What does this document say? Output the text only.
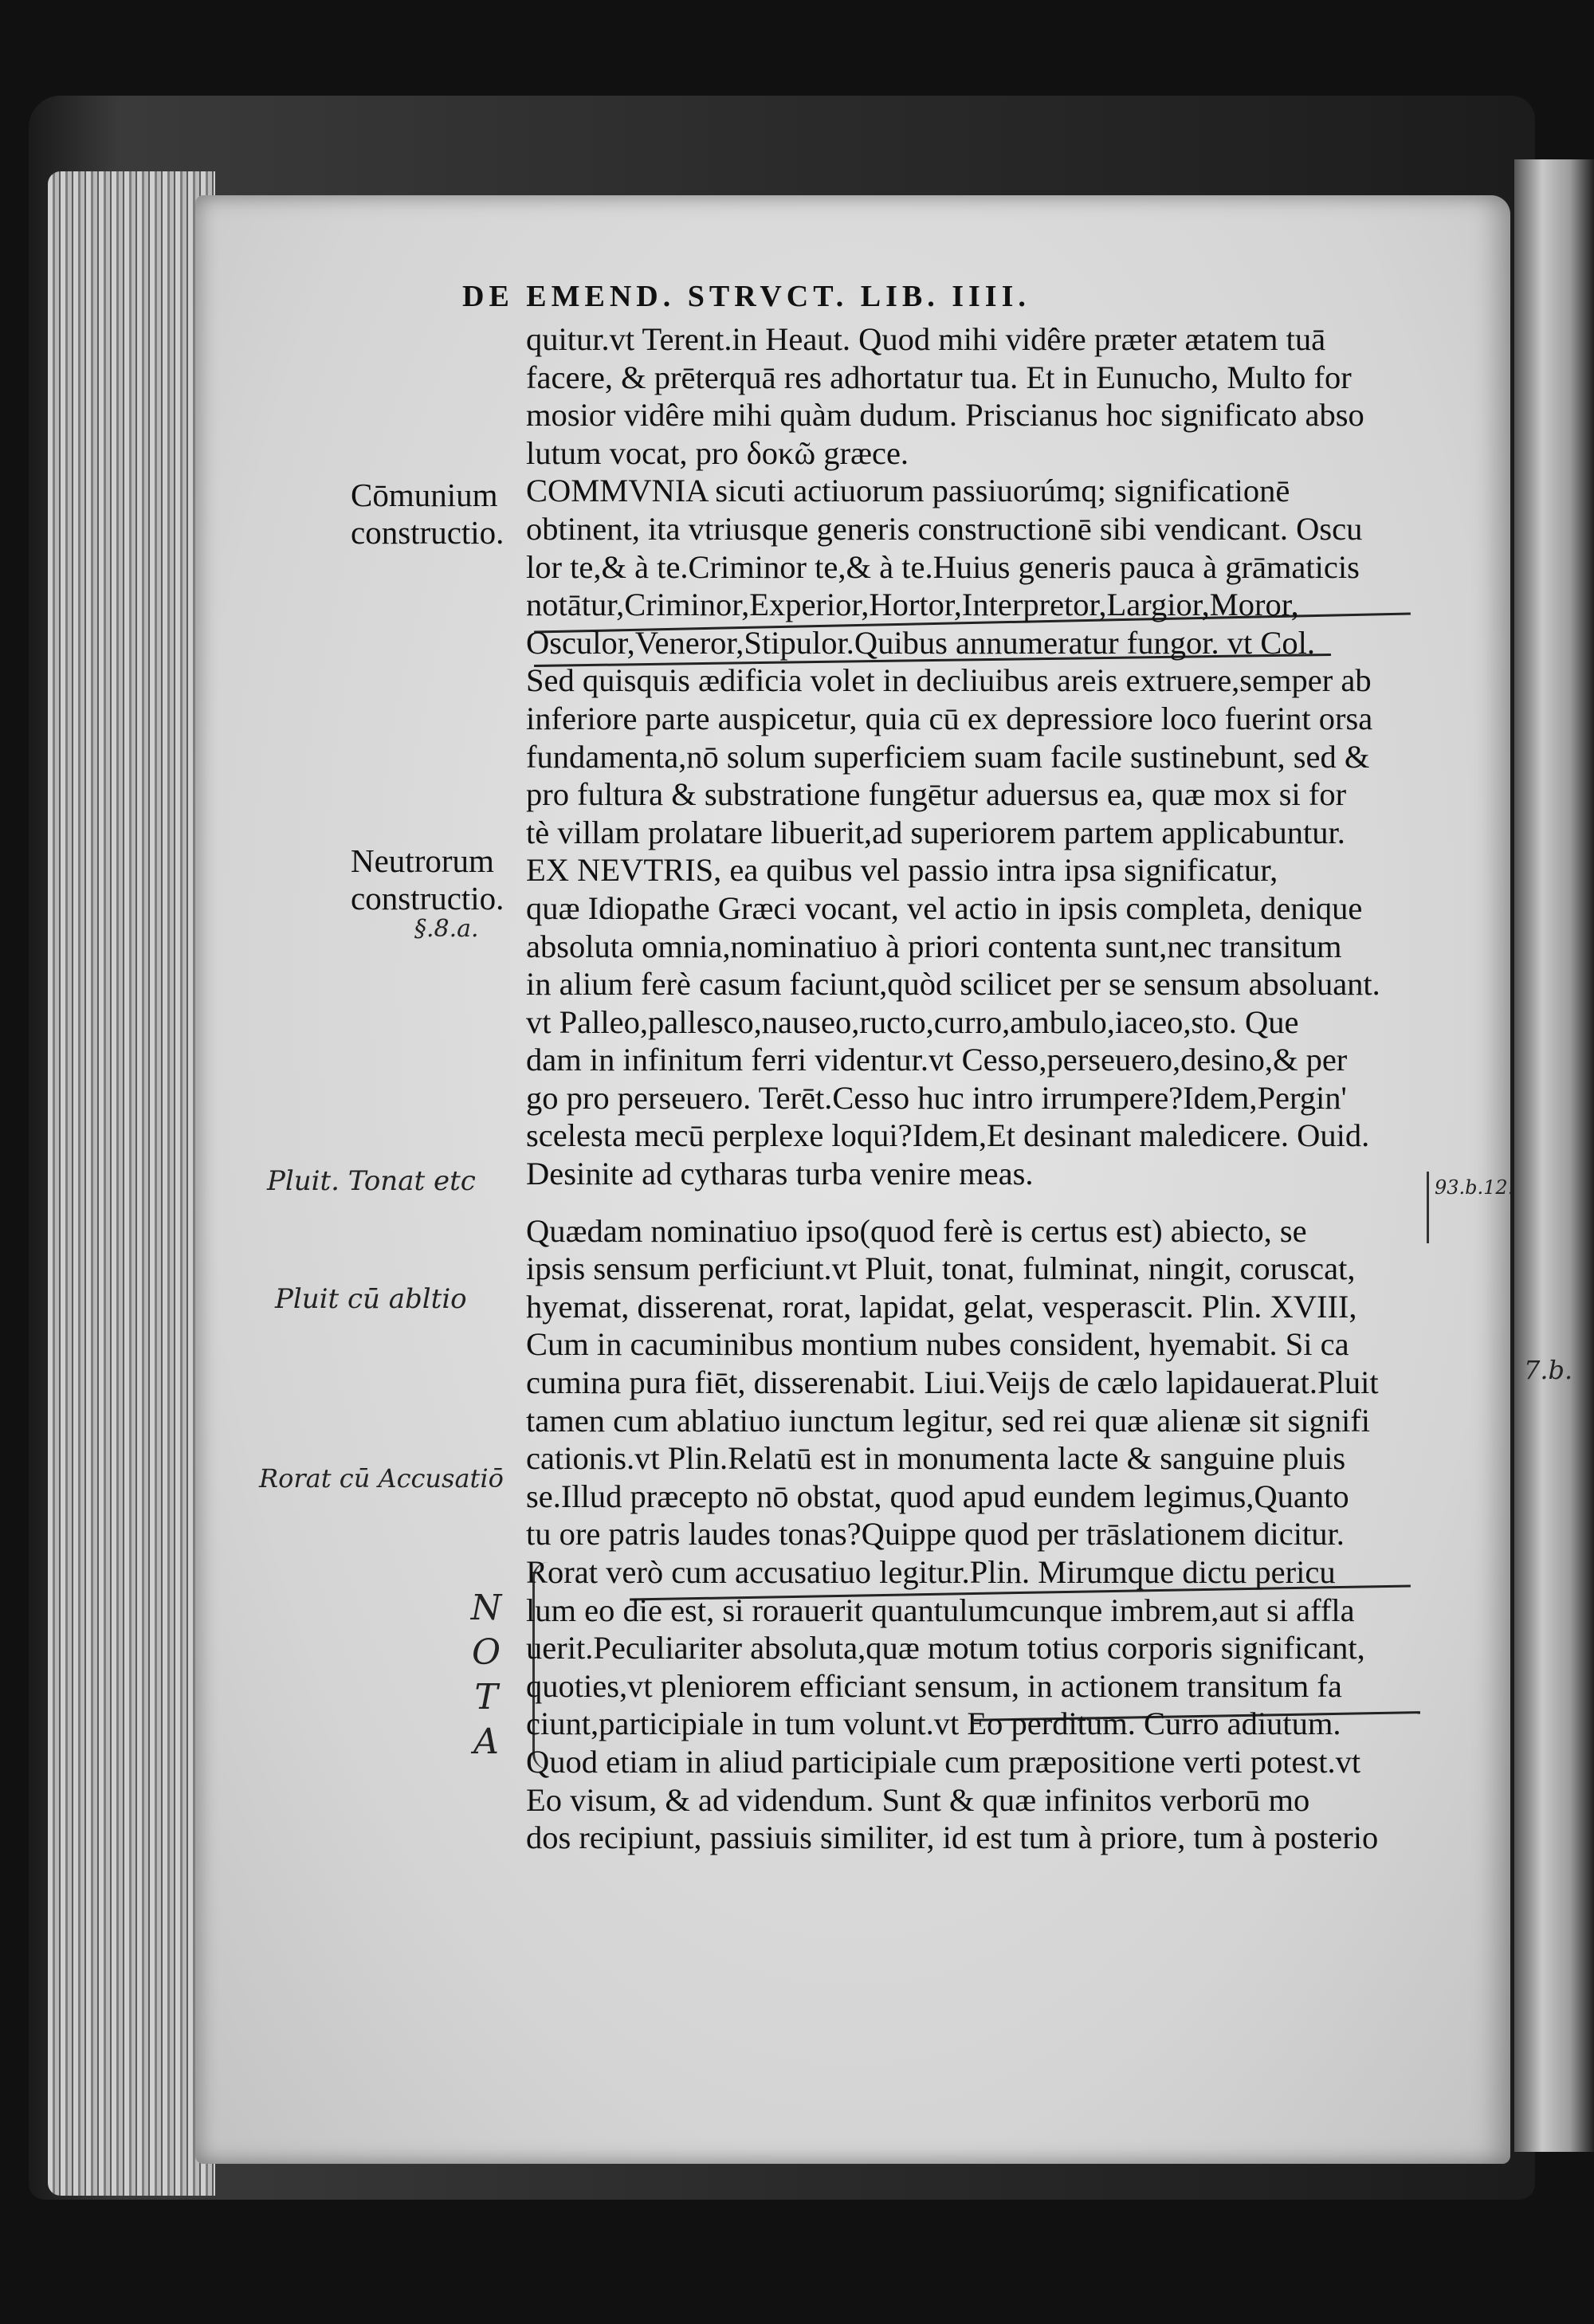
DE EMEND. STRVCT. LIB. IIII.
Cōmunium
constructio.
Neutrorum
constructio.
§.8.a.
Pluit. Tonat etc
Pluit cū abltio
Rorat cū Accusatiō
N
O
T
A
93.b.12.
7.b.
quitur.vt Terent.in Heaut. Quod mihi vidêre præter ætatem tuā
facere, & prēterquā res adhortatur tua. Et in Eunucho, Multo for
mosior vidêre mihi quàm dudum. Priscianus hoc significato abso
lutum vocat, pro δοκῶ græce.
COMMVNIA sicuti actiuorum passiuorúmq; significationē
obtinent, ita vtriusque generis constructionē sibi vendicant. Oscu
lor te,& à te.Criminor te,& à te.Huius generis pauca à grāmaticis
notātur,Criminor,Experior,Hortor,Interpretor,Largior,Moror,
Osculor,Veneror,Stipulor.Quibus annumeratur fungor. vt Col.
Sed quisquis ædificia volet in decliuibus areis extruere,semper ab
inferiore parte auspicetur, quia cū ex depressiore loco fuerint orsa
fundamenta,nō solum superficiem suam facile sustinebunt, sed &
pro fultura & substratione fungētur aduersus ea, quæ mox si for
tè villam prolatare libuerit,ad superiorem partem applicabuntur.
EX NEVTRIS, ea quibus vel passio intra ipsa significatur,
quæ Idiopathe Græci vocant, vel actio in ipsis completa, denique
absoluta omnia,nominatiuo à priori contenta sunt,nec transitum
in alium ferè casum faciunt,quòd scilicet per se sensum absoluant.
vt Palleo,pallesco,nauseo,ructo,curro,ambulo,iaceo,sto. Que
dam in infinitum ferri videntur.vt Cesso,perseuero,desino,& per
go pro perseuero. Terēt.Cesso huc intro irrumpere?Idem,Pergin'
scelesta mecū perplexe loqui?Idem,Et desinant maledicere. Ouid.
Desinite ad cytharas turba venire meas.
Quædam nominatiuo ipso(quod ferè is certus est) abiecto, se
ipsis sensum perficiunt.vt Pluit, tonat, fulminat, ningit, coruscat,
hyemat, disserenat, rorat, lapidat, gelat, vesperascit. Plin. XVIII,
Cum in cacuminibus montium nubes consident, hyemabit. Si ca
cumina pura fiēt, disserenabit. Liui.Veijs de cælo lapidauerat.Pluit
tamen cum ablatiuo iunctum legitur, sed rei quæ alienæ sit signifi
cationis.vt Plin.Relatū est in monumenta lacte & sanguine pluis
se.Illud præcepto nō obstat, quod apud eundem legimus,Quanto
tu ore patris laudes tonas?Quippe quod per trāslationem dicitur.
Rorat verò cum accusatiuo legitur.Plin. Mirumque dictu pericu
lum eo die est, si rorauerit quantulumcunque imbrem,aut si affla
uerit.Peculiariter absoluta,quæ motum totius corporis significant,
quoties,vt pleniorem efficiant sensum, in actionem transitum fa
ciunt,participiale in tum volunt.vt Eo perditum. Curro adiutum.
Quod etiam in aliud participiale cum præpositione verti potest.vt
Eo visum, & ad videndum. Sunt & quæ infinitos verborū mo
dos recipiunt, passiuis similiter, id est tum à priore, tum à posterio
